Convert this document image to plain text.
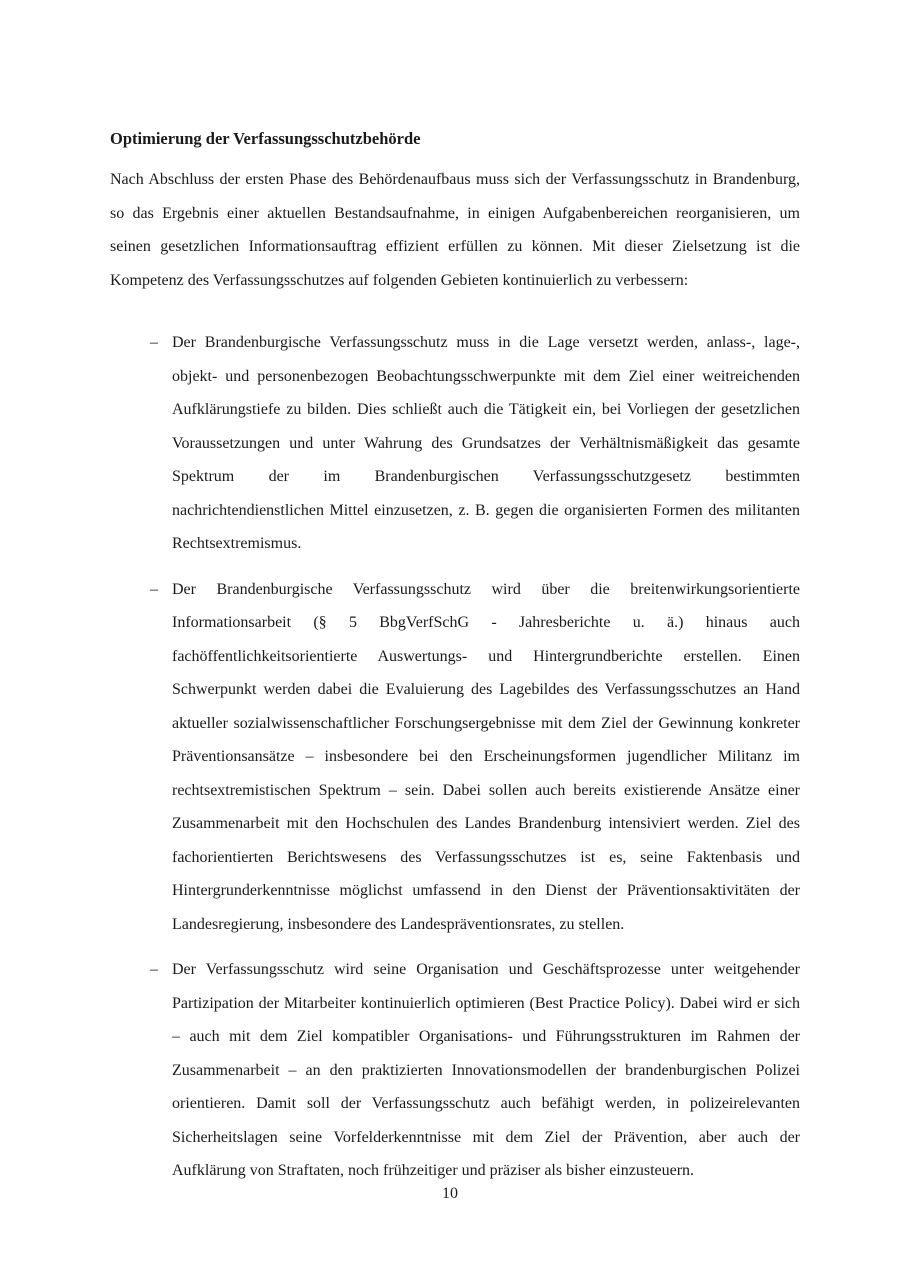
Optimierung der Verfassungsschutzbehörde

Nach Abschluss der ersten Phase des Behördenaufbaus muss sich der Verfassungsschutz in Brandenburg, so das Ergebnis einer aktuellen Bestandsaufnahme, in einigen Aufgabenbereichen reorganisieren, um seinen gesetzlichen Informationsauftrag effizient erfüllen zu können. Mit dieser Zielsetzung ist die Kompetenz des Verfassungsschutzes auf folgenden Gebieten kontinuierlich zu verbessern:

– Der Brandenburgische Verfassungsschutz muss in die Lage versetzt werden, anlass-, lage-, objekt- und personenbezogen Beobachtungsschwerpunkte mit dem Ziel einer weitreichenden Aufklärungstiefe zu bilden. Dies schließt auch die Tätigkeit ein, bei Vorliegen der gesetzlichen Voraussetzungen und unter Wahrung des Grundsatzes der Verhältnismäßigkeit das gesamte Spektrum der im Brandenburgischen Verfassungsschutzgesetz bestimmten nachrichtendienstlichen Mittel einzusetzen, z. B. gegen die organisierten Formen des militanten Rechtsextremismus.
– Der Brandenburgische Verfassungsschutz wird über die breitenwirkungsorientierte Informationsarbeit (§ 5 BbgVerfSchG - Jahresberichte u. ä.) hinaus auch fachöffentlichkeitsorientierte Auswertungs- und Hintergrundberichte erstellen. Einen Schwerpunkt werden dabei die Evaluierung des Lagebildes des Verfassungsschutzes an Hand aktueller sozialwissenschaftlicher Forschungsergebnisse mit dem Ziel der Gewinnung konkreter Präventionsansätze – insbesondere bei den Erscheinungsformen jugendlicher Militanz im rechtsextremistischen Spektrum – sein. Dabei sollen auch bereits existierende Ansätze einer Zusammenarbeit mit den Hochschulen des Landes Brandenburg intensiviert werden. Ziel des fachorientierten Berichtswesens des Verfassungsschutzes ist es, seine Faktenbasis und Hintergrunderkenntnisse möglichst umfassend in den Dienst der Präventionsaktivitäten der Landesregierung, insbesondere des Landespräventionsrates, zu stellen.
– Der Verfassungsschutz wird seine Organisation und Geschäftsprozesse unter weitgehender Partizipation der Mitarbeiter kontinuierlich optimieren (Best Practice Policy). Dabei wird er sich – auch mit dem Ziel kompatibler Organisations- und Führungsstrukturen im Rahmen der Zusammenarbeit – an den praktizierten Innovationsmodellen der brandenburgischen Polizei orientieren. Damit soll der Verfassungsschutz auch befähigt werden, in polizeirelevanten Sicherheitslagen seine Vorfelderkenntnisse mit dem Ziel der Prävention, aber auch der Aufklärung von Straftaten, noch frühzeitiger und präziser als bisher einzusteuern.
10
